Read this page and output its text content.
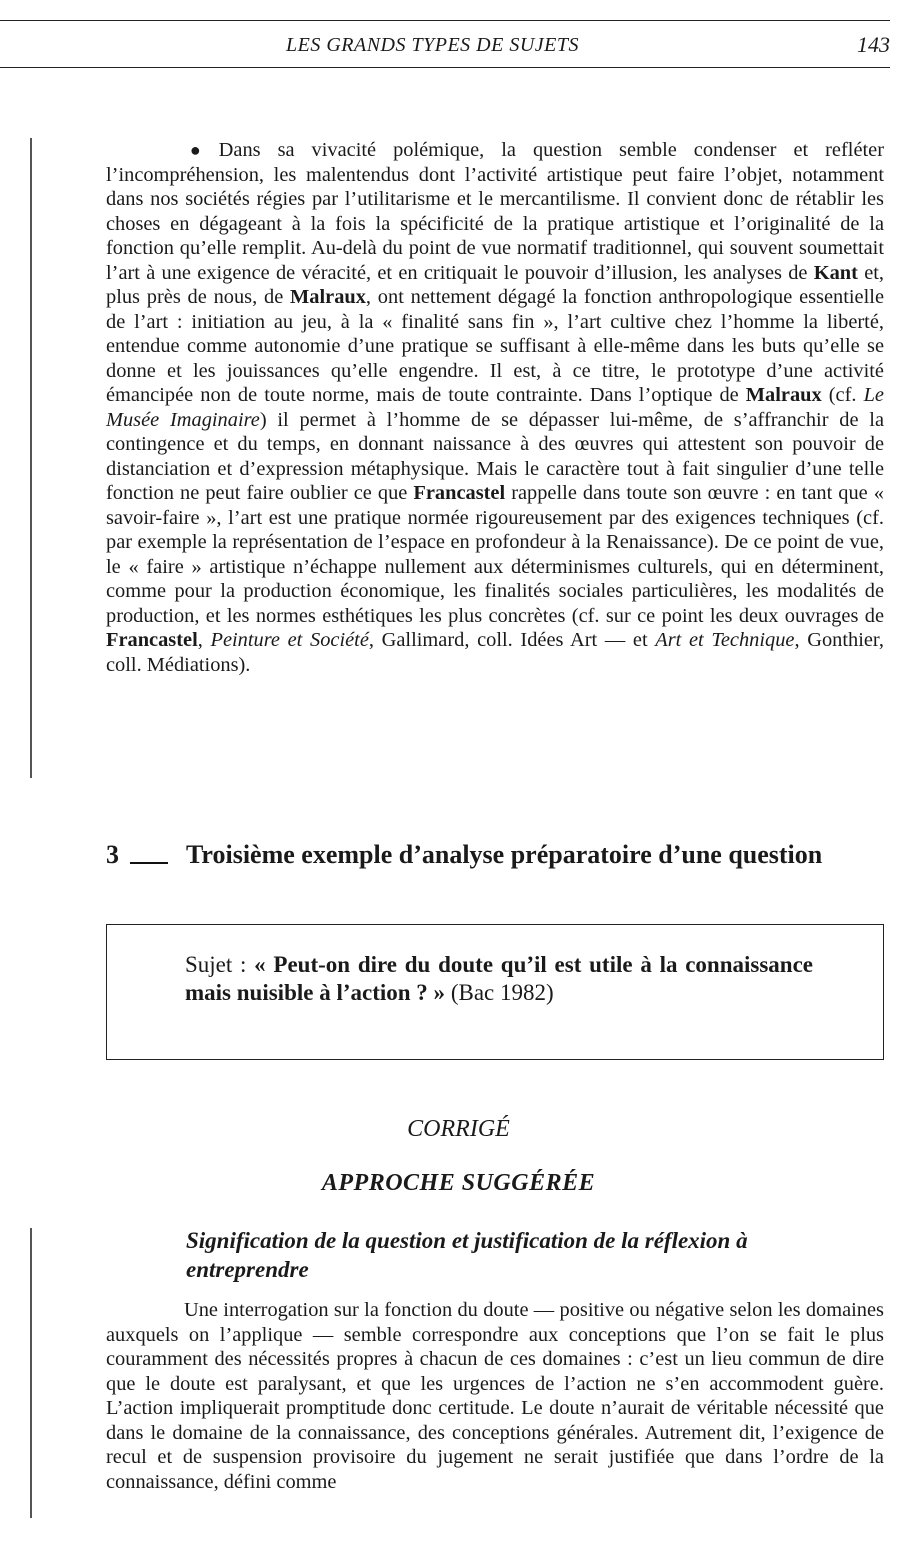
LES GRANDS TYPES DE SUJETS	143

● Dans sa vivacité polémique, la question semble condenser et refléter l’incompréhension, les malentendus dont l’activité artistique peut faire l’objet, notamment dans nos sociétés régies par l’utilitarisme et le mercantilisme. Il convient donc de rétablir les choses en dégageant à la fois la spécificité de la pratique artistique et l’originalité de la fonction qu’elle remplit. Au-delà du point de vue normatif traditionnel, qui souvent soumettait l’art à une exigence de véracité, et en critiquait le pouvoir d’illusion, les analyses de Kant et, plus près de nous, de Malraux, ont nettement dégagé la fonction anthropologique essentielle de l’art : initiation au jeu, à la « finalité sans fin », l’art cultive chez l’homme la liberté, entendue comme autonomie d’une pratique se suffisant à elle-même dans les buts qu’elle se donne et les jouissances qu’elle engendre. Il est, à ce titre, le prototype d’une activité émancipée non de toute norme, mais de toute contrainte. Dans l’optique de Malraux (cf. Le Musée Imaginaire) il permet à l’homme de se dépasser lui-même, de s’affranchir de la contingence et du temps, en donnant naissance à des œuvres qui attestent son pouvoir de distanciation et d’expression métaphysique. Mais le caractère tout à fait singulier d’une telle fonction ne peut faire oublier ce que Francastel rappelle dans toute son œuvre : en tant que « savoir-faire », l’art est une pratique normée rigoureusement par des exigences techniques (cf. par exemple la représentation de l’espace en profondeur à la Renaissance). De ce point de vue, le « faire » artistique n’échappe nullement aux déterminismes culturels, qui en déterminent, comme pour la production économique, les finalités sociales particulières, les modalités de production, et les normes esthétiques les plus concrètes (cf. sur ce point les deux ouvrages de Francastel, Peinture et Société, Gallimard, coll. Idées Art — et Art et Technique, Gonthier, coll. Médiations).

3	Troisième exemple d’analyse préparatoire d’une question
Sujet : « Peut-on dire du doute qu’il est utile à la connaissance mais nuisible à l’action ? » (Bac 1982)
CORRIGÉ
APPROCHE SUGGÉRÉE
Signification de la question et justification de la réflexion à entreprendre

Une interrogation sur la fonction du doute — positive ou négative selon les domaines auxquels on l’applique — semble correspondre aux conceptions que l’on se fait le plus couramment des nécessités propres à chacun de ces domaines : c’est un lieu commun de dire que le doute est paralysant, et que les urgences de l’action ne s’en accommodent guère. L’action impliquerait promptitude donc certitude. Le doute n’aurait de véritable nécessité que dans le domaine de la connaissance, des conceptions générales. Autrement dit, l’exigence de recul et de suspension provisoire du jugement ne serait justifiée que dans l’ordre de la connaissance, défini comme
